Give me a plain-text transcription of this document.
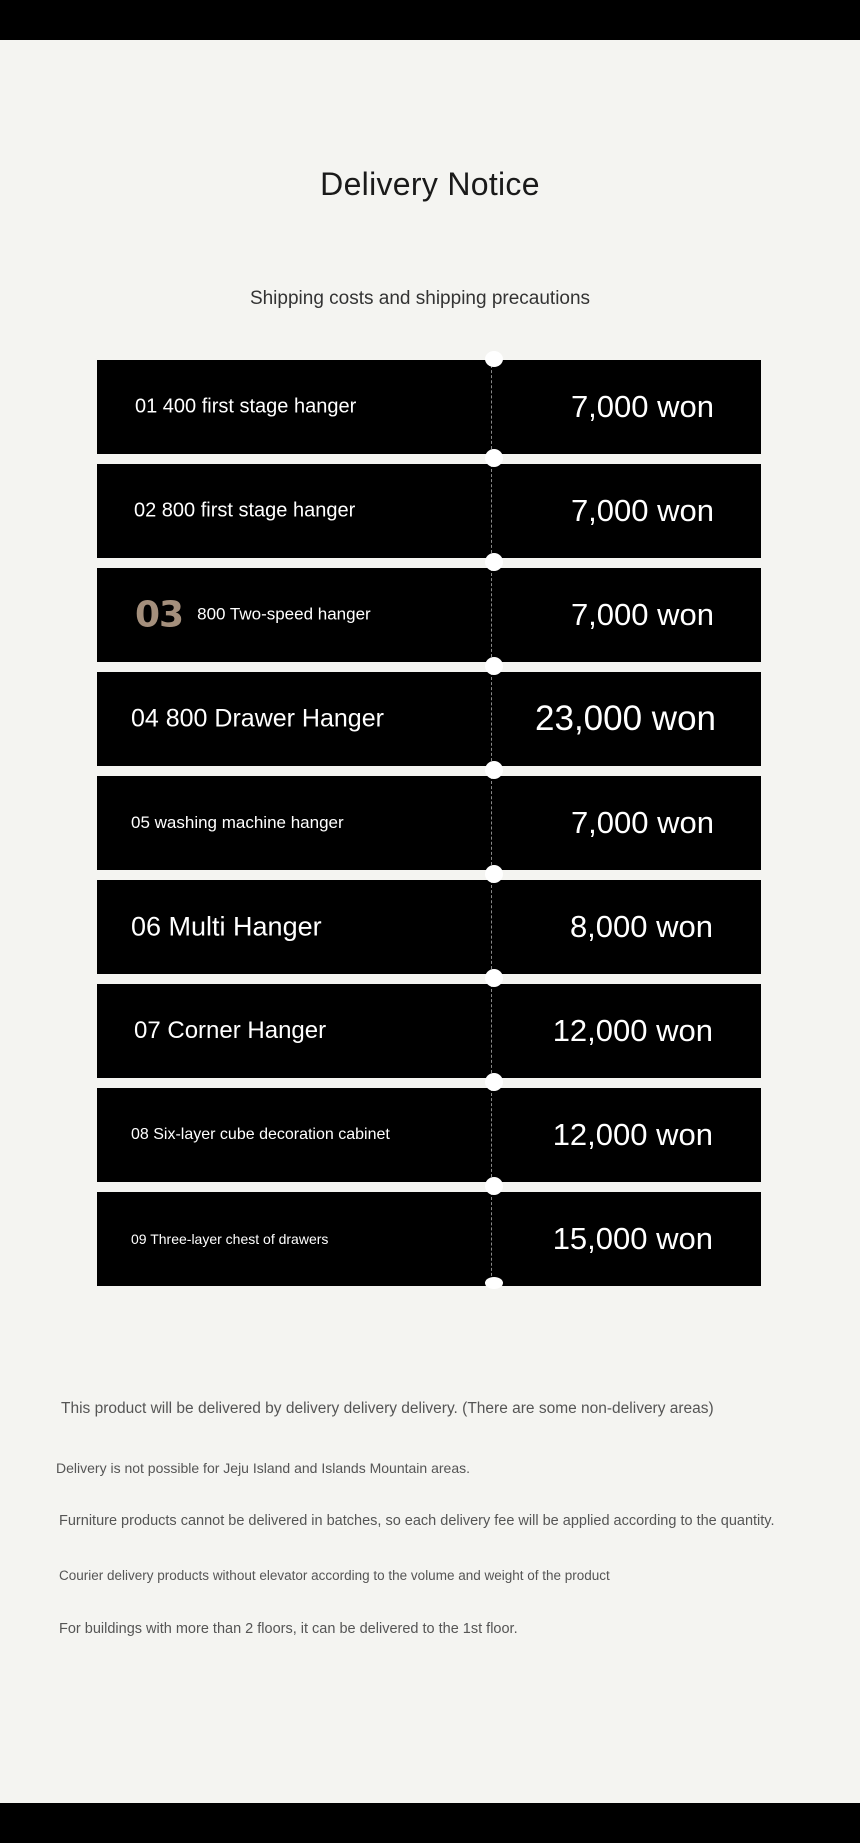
Delivery Notice
Shipping costs and shipping precautions
01 400 first stage hanger	7,000 won
02 800 first stage hanger	7,000 won
03 800 Two-speed hanger	7,000 won
04 800 Drawer Hanger	23,000 won
05 washing machine hanger	7,000 won
06 Multi Hanger	8,000 won
07 Corner Hanger	12,000 won
08 Six-layer cube decoration cabinet	12,000 won
09 Three-layer chest of drawers	15,000 won
This product will be delivered by delivery delivery delivery. (There are some non-delivery areas)
Delivery is not possible for Jeju Island and Islands Mountain areas.
Furniture products cannot be delivered in batches, so each delivery fee will be applied according to the quantity.
Courier delivery products without elevator according to the volume and weight of the product
For buildings with more than 2 floors, it can be delivered to the 1st floor.
